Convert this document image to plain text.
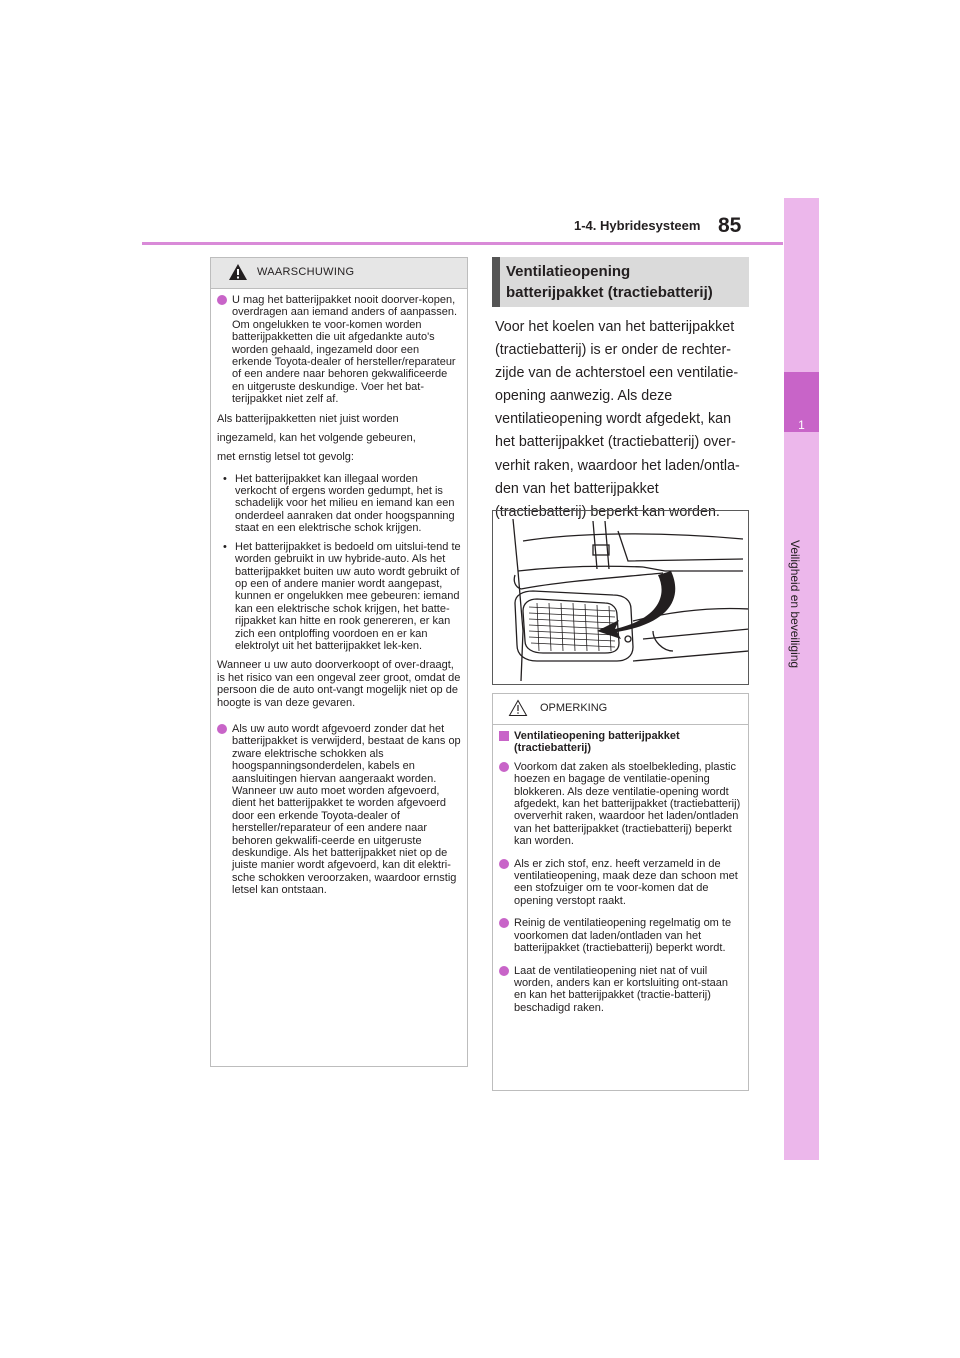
1-4. Hybridesysteem 85
1
Veiligheid en beveiliging
WAARSCHUWING
U mag het batterijpakket nooit doorver-kopen, overdragen aan iemand anders of aanpassen. Om ongelukken te voor-komen worden batterijpakketten die uit afgedankte auto's worden gehaald, ingezameld door een erkende Toyota-dealer of hersteller/reparateur of een andere naar behoren gekwalificeerde en uitgeruste deskundige. Voer het bat-terijpakket niet zelf af.
Als batterijpakketten niet juist worden
ingezameld, kan het volgende gebeuren,
met ernstig letsel tot gevolg:
• Het batterijpakket kan illegaal worden verkocht of ergens worden gedumpt, het is schadelijk voor het milieu en iemand kan een onderdeel aanraken dat onder hoogspanning staat en een elektrische schok krijgen.
• Het batterijpakket is bedoeld om uitslui-tend te worden gebruikt in uw hybride-auto. Als het batterijpakket buiten uw auto wordt gebruikt of op een of andere manier wordt aangepast, kunnen er ongelukken mee gebeuren: iemand kan een elektrische schok krijgen, het batte-rijpakket kan hitte en rook genereren, er kan zich een ontploffing voordoen en er kan elektrolyt uit het batterijpakket lek-ken.
Wanneer u uw auto doorverkoopt of over-draagt, is het risico van een ongeval zeer groot, omdat de persoon die de auto ont-vangt mogelijk niet op de hoogte is van deze gevaren.
Als uw auto wordt afgevoerd zonder dat het batterijpakket is verwijderd, bestaat de kans op zware elektrische schokken als hoogspanningsonderdelen, kabels en aansluitingen hiervan aangeraakt worden. Wanneer uw auto moet worden afgevoerd, dient het batterijpakket te worden afgevoerd door een erkende Toyota-dealer of hersteller/reparateur of een andere naar behoren gekwalifi-ceerde en uitgeruste deskundige. Als het batterijpakket niet op de juiste manier wordt afgevoerd, kan dit elektri-sche schokken veroorzaken, waardoor ernstig letsel kan ontstaan.
Ventilatieopening
batterijpakket (tractiebatterij)
Voor het koelen van het batterijpakket (tractiebatterij) is er onder de rechter-zijde van de achterstoel een ventilatie-opening aanwezig. Als deze ventilatieopening wordt afgedekt, kan het batterijpakket (tractiebatterij) over-verhit raken, waardoor het laden/ontla-den van het batterijpakket (tractiebatterij) beperkt kan worden.
OPMERKING
Ventilatieopening batterijpakket (tractiebatterij)
Voorkom dat zaken als stoelbekleding, plastic hoezen en bagage de ventilatie-opening blokkeren. Als deze ventilatie-opening wordt afgedekt, kan het batterijpakket (tractiebatterij) oververhit raken, waardoor het laden/ontladen van het batterijpakket (tractiebatterij) beperkt kan worden.
Als er zich stof, enz. heeft verzameld in de ventilatieopening, maak deze dan schoon met een stofzuiger om te voor-komen dat de opening verstopt raakt.
Reinig de ventilatieopening regelmatig om te voorkomen dat laden/ontladen van het batterijpakket (tractiebatterij) beperkt wordt.
Laat de ventilatieopening niet nat of vuil worden, anders kan er kortsluiting ont-staan en kan het batterijpakket (tractie-batterij) beschadigd raken.
